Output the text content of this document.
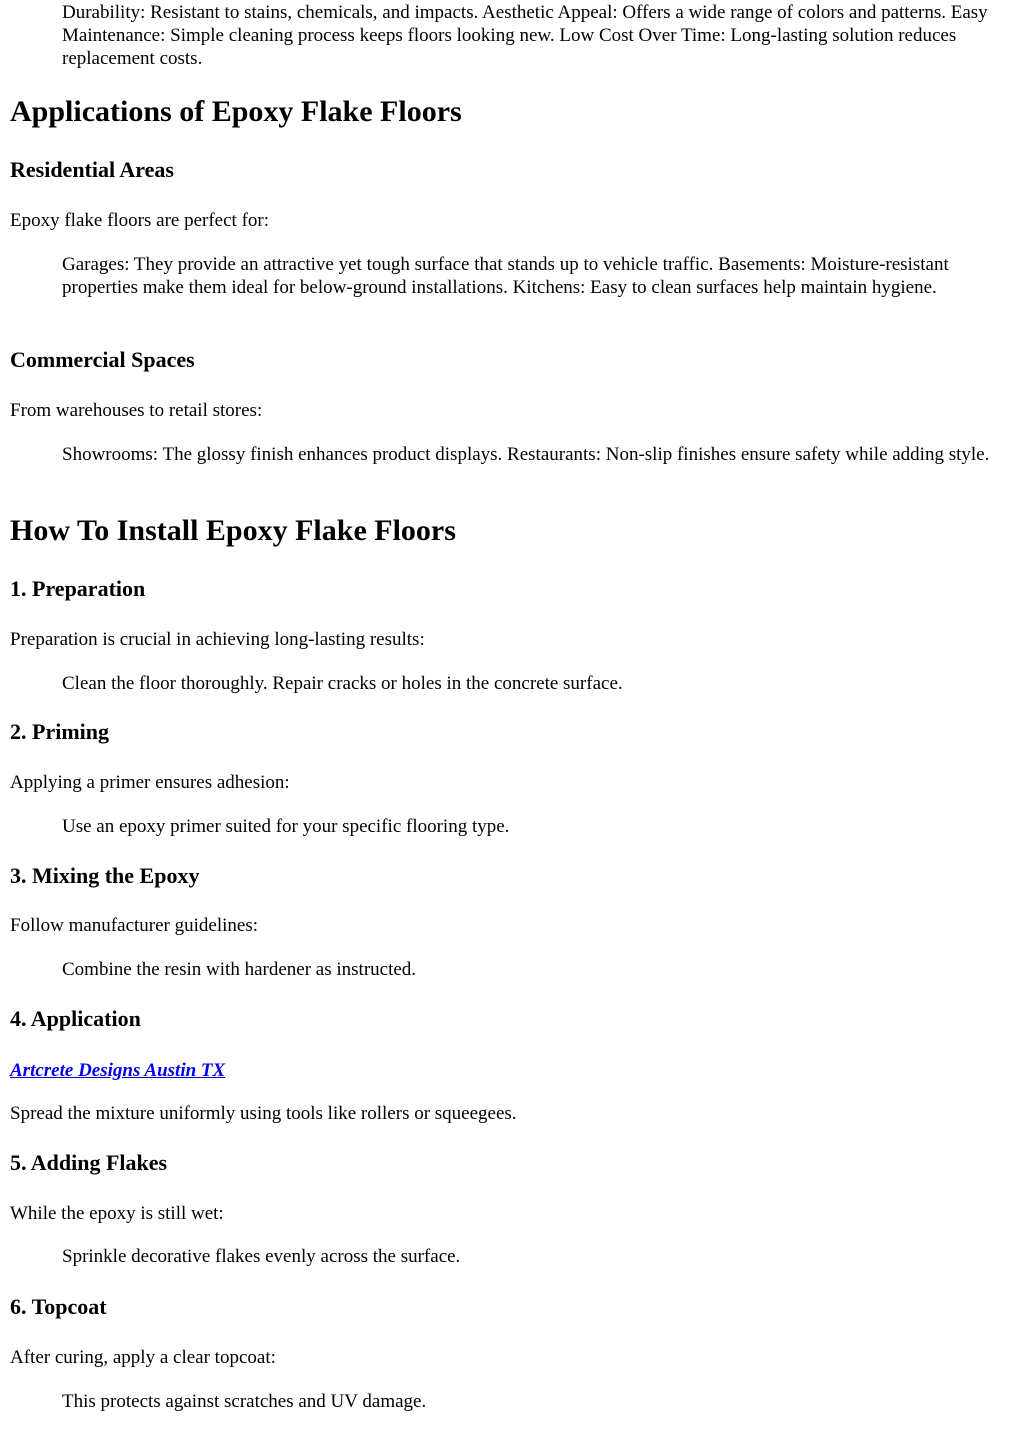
Durability: Resistant to stains, chemicals, and impacts. Aesthetic Appeal: Offers a wide range of colors and patterns. Easy Maintenance: Simple cleaning process keeps floors looking new. Low Cost Over Time: Long-lasting solution reduces replacement costs.
Applications of Epoxy Flake Floors
Residential Areas

Epoxy flake floors are perfect for:

Garages: They provide an attractive yet tough surface that stands up to vehicle traffic. Basements: Moisture-resistant properties make them ideal for below-ground installations. Kitchens: Easy to clean surfaces help maintain hygiene.
Commercial Spaces

From warehouses to retail stores:

Showrooms: The glossy finish enhances product displays. Restaurants: Non-slip finishes ensure safety while adding style.
How To Install Epoxy Flake Floors
1. Preparation

Preparation is crucial in achieving long-lasting results:

Clean the floor thoroughly. Repair cracks or holes in the concrete surface.
2. Priming

Applying a primer ensures adhesion:

Use an epoxy primer suited for your specific flooring type.
3. Mixing the Epoxy

Follow manufacturer guidelines:

Combine the resin with hardener as instructed.
4. Application

Artcrete Designs Austin TX

Spread the mixture uniformly using tools like rollers or squeegees.

5. Adding Flakes

While the epoxy is still wet:

Sprinkle decorative flakes evenly across the surface.
6. Topcoat

After curing, apply a clear topcoat:

This protects against scratches and UV damage.
